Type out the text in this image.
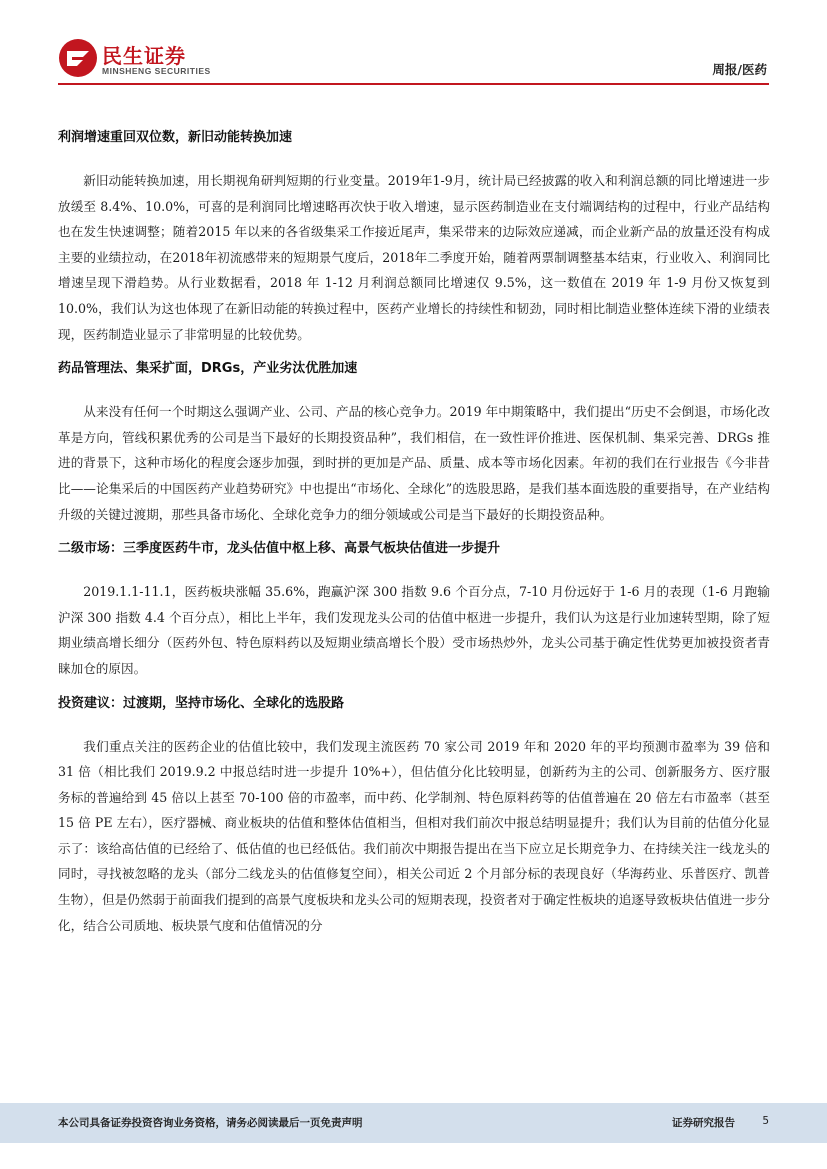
民生证券
MINSHENG SECURITIES	周报/医药
利润增速重回双位数，新旧动能转换加速

新旧动能转换加速，用长期视角研判短期的行业变量。2019年1-9月，统计局已经披露的收入和利润总额的同比增速进一步放缓至 8.4%、10.0%，可喜的是利润同比增速略再次快于收入增速，显示医药制造业在支付端调结构的过程中，行业产品结构也在发生快速调整；随着2015 年以来的各省级集采工作接近尾声，集采带来的边际效应递减，而企业新产品的放量还没有构成主要的业绩拉动，在2018年初流感带来的短期景气度后，2018年二季度开始，随着两票制调整基本结束，行业收入、利润同比增速呈现下滑趋势。从行业数据看，2018 年 1-12 月利润总额同比增速仅 9.5%，这一数值在 2019 年 1-9 月份又恢复到 10.0%，我们认为这也体现了在新旧动能的转换过程中，医药产业增长的持续性和韧劲，同时相比制造业整体连续下滑的业绩表现，医药制造业显示了非常明显的比较优势。

药品管理法、集采扩面，DRGs，产业劣汰优胜加速

从来没有任何一个时期这么强调产业、公司、产品的核心竞争力。2019 年中期策略中，我们提出“历史不会倒退，市场化改革是方向，管线积累优秀的公司是当下最好的长期投资品种”，我们相信，在一致性评价推进、医保机制、集采完善、DRGs 推进的背景下，这种市场化的程度会逐步加强，到时拼的更加是产品、质量、成本等市场化因素。年初的我们在行业报告《今非昔比——论集采后的中国医药产业趋势研究》中也提出“市场化、全球化”的选股思路，是我们基本面选股的重要指导，在产业结构升级的关键过渡期，那些具备市场化、全球化竞争力的细分领域或公司是当下最好的长期投资品种。

二级市场：三季度医药牛市，龙头估值中枢上移、高景气板块估值进一步提升

2019.1.1-11.1，医药板块涨幅 35.6%，跑赢沪深 300 指数 9.6 个百分点，7-10 月份远好于 1-6 月的表现（1-6 月跑输沪深 300 指数 4.4 个百分点），相比上半年，我们发现龙头公司的估值中枢进一步提升，我们认为这是行业加速转型期，除了短期业绩高增长细分（医药外包、特色原料药以及短期业绩高增长个股）受市场热炒外，龙头公司基于确定性优势更加被投资者青睐加仓的原因。

投资建议：过渡期，坚持市场化、全球化的选股路

我们重点关注的医药企业的估值比较中，我们发现主流医药 70 家公司 2019 年和 2020 年的平均预测市盈率为 39 倍和 31 倍（相比我们 2019.9.2 中报总结时进一步提升 10%+），但估值分化比较明显，创新药为主的公司、创新服务方、医疗服务标的普遍给到 45 倍以上甚至 70-100 倍的市盈率，而中药、化学制剂、特色原料药等的估值普遍在 20 倍左右市盈率（甚至 15 倍 PE 左右），医疗器械、商业板块的估值和整体估值相当，但相对我们前次中报总结明显提升；我们认为目前的估值分化显示了：该给高估值的已经给了、低估值的也已经低估。我们前次中期报告提出在当下应立足长期竞争力、在持续关注一线龙头的同时，寻找被忽略的龙头（部分二线龙头的估值修复空间），相关公司近 2 个月部分标的表现良好（华海药业、乐普医疗、凯普生物），但是仍然弱于前面我们提到的高景气度板块和龙头公司的短期表现，投资者对于确定性板块的追逐导致板块估值进一步分化，结合公司质地、板块景气度和估值情况的分

本公司具备证券投资咨询业务资格，请务必阅读最后一页免责声明	证券研究报告	5
